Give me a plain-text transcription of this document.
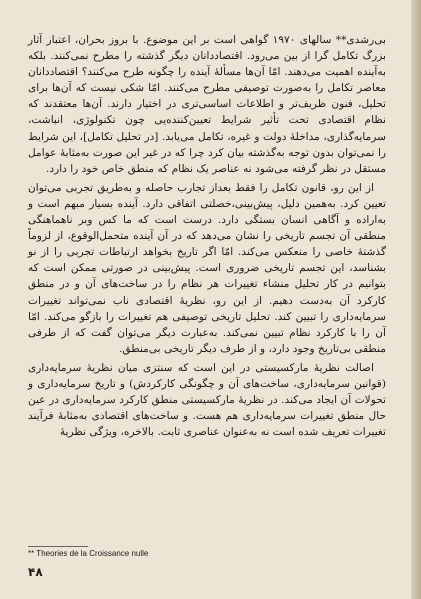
بی‌رشدی** سالهای ۱۹۷۰ گواهی است بر این موضوع. با بروز بحران، اعتبار آثار بزرگ تکامل گرا از بین می‌رود. اقتصاددانان دیگر گذشته را مطرح نمی‌کنند. بلکه به‌آینده اهمیت می‌دهند. امّا آن‌ها مسألهٔ آینده را چگونه طرح می‌کنند؟ اقتصاددانان معاصر تکامل را به‌صورت توصیفی مطرح می‌کنند. امّا شکی نیست که آن‌ها برای تحلیل، فنون ظریف‌تر و اطلاعات اساسی‌تری در اختیار دارند. آن‌ها معتقدند که نظام اقتصادی تحت تأثیر شرایط تعیین‌کننده‌یی چون تکنولوژی، انباشت، سرمایه‌گذاری، مداخلهٔ دولت و غیره، تکامل می‌یابد. [در تحلیل تکامل]، این شرایط را نمی‌توان بدون توجه به‌گذشته بیان کرد چرا که در غیر این صورت به‌مثابهٔ عوامل مستقل در نظر گرفته می‌شود نه عناصر یک نظام که منطق خاص خود را دارد.

از این رو، قانون تکامل را فقط بعداز تجارب حاصله و به‌طریق تجربی می‌توان تعیین کرد. به‌همین دلیل، پیش‌بینی،خصلتی اتفاقی دارد. آینده بسیار مبهم است و به‌اراده و آگاهی انسان بستگی دارد. درست است که ما کس وبر ناهماهنگی منطقی آن تجسم تاریخی را نشان می‌دهد که در آن آینده متحمل‌الوقوع، از لزوماً گذشتهٔ خاصی را منعکس می‌کند. امّا اگر تاریخ بخواهد ارتباطات تجربی را از نو بشناسد، این تجسم تاریخی ضروری است. پیش‌بینی در صورتی ممکن است که بتوانیم در کار تحلیل منشاء تغییرات هر نظام را در ساخت‌های آن و در منطق کارکرد آن به‌دست دهیم. از این رو، نظریهٔ اقتصادی ناب نمی‌تواند تغییرات سرمایه‌داری را تبیین کند. تحلیل تاریخی توصیفی هم تغییرات را بازگو می‌کند. امّا آن را با کارکرد نظام تبیین نمی‌کند. به‌عبارت دیگر می‌توان گفت که از طرفی منطقی بی‌تاریخ وجود دارد، و از طرف دیگر تاریخی بی‌منطق.

اصالت نظریهٔ مارکسیستی در این است که سنتزی میان نظریهٔ سرمایه‌داری (قوانین سرمایه‌داری، ساخت‌های آن و چگونگی کارکردش) و تاریخ سرمایه‌داری و تحولات آن ایجاد می‌کند. در نظریهٔ مارکسیستی منطق کارکرد سرمایه‌داری در عین حال منطق تغییرات سرمایه‌داری هم هست. و ساخت‌های اقتصادی به‌مثابهٔ فرآیند تغییرات تعریف شده است نه به‌عنوان عناصری ثابت. بالاخره، ویژگی نظریهٔ

** Theories de la Croissance nulle
۴۸
